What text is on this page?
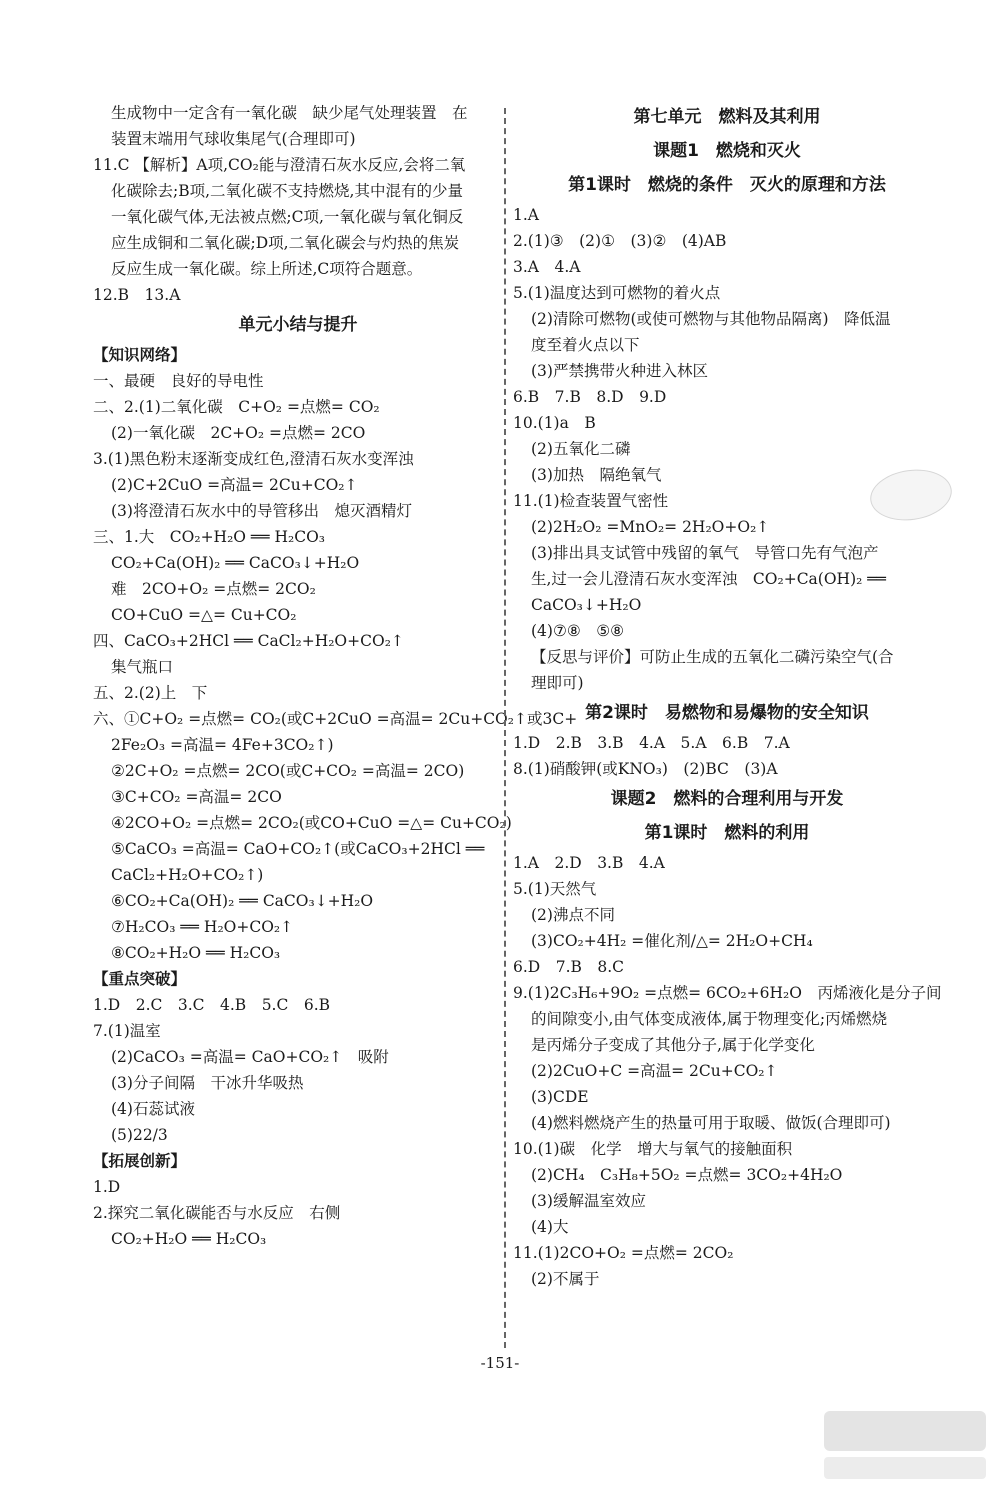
生成物中一定含有一氧化碳　缺少尾气处理装置　在
装置末端用气球收集尾气(合理即可)
11.C 【解析】A项,CO₂能与澄清石灰水反应,会将二氧
化碳除去;B项,二氧化碳不支持燃烧,其中混有的少量
一氧化碳气体,无法被点燃;C项,一氧化碳与氧化铜反
应生成铜和二氧化碳;D项,二氧化碳会与灼热的焦炭
反应生成一氧化碳。综上所述,C项符合题意。
12.B　13.A
单元小结与提升
【知识网络】
一、最硬　良好的导电性
二、2.(1)二氧化碳　C+O₂ =点燃= CO₂
(2)一氧化碳　2C+O₂ =点燃= 2CO
3.(1)黑色粉末逐渐变成红色,澄清石灰水变浑浊
(2)C+2CuO =高温= 2Cu+CO₂↑
(3)将澄清石灰水中的导管移出　熄灭酒精灯
三、1.大　CO₂+H₂O ══ H₂CO₃
CO₂+Ca(OH)₂ ══ CaCO₃↓+H₂O
难　2CO+O₂ =点燃= 2CO₂
CO+CuO =△= Cu+CO₂
四、CaCO₃+2HCl ══ CaCl₂+H₂O+CO₂↑
集气瓶口
五、2.(2)上　下
六、①C+O₂ =点燃= CO₂(或C+2CuO =高温= 2Cu+CO₂↑或3C+
2Fe₂O₃ =高温= 4Fe+3CO₂↑)
②2C+O₂ =点燃= 2CO(或C+CO₂ =高温= 2CO)
③C+CO₂ =高温= 2CO
④2CO+O₂ =点燃= 2CO₂(或CO+CuO =△= Cu+CO₂)
⑤CaCO₃ =高温= CaO+CO₂↑(或CaCO₃+2HCl ══
CaCl₂+H₂O+CO₂↑)
⑥CO₂+Ca(OH)₂ ══ CaCO₃↓+H₂O
⑦H₂CO₃ ══ H₂O+CO₂↑
⑧CO₂+H₂O ══ H₂CO₃
【重点突破】
1.D　2.C　3.C　4.B　5.C　6.B
7.(1)温室
(2)CaCO₃ =高温= CaO+CO₂↑　吸附
(3)分子间隔　干冰升华吸热
(4)石蕊试液
(5)22/3
【拓展创新】
1.D
2.探究二氧化碳能否与水反应　右侧
CO₂+H₂O ══ H₂CO₃
第七单元　燃料及其利用
课题1　燃烧和灭火
第1课时　燃烧的条件　灭火的原理和方法
1.A
2.(1)③　(2)①　(3)②　(4)AB
3.A　4.A
5.(1)温度达到可燃物的着火点
(2)清除可燃物(或使可燃物与其他物品隔离)　降低温
度至着火点以下
(3)严禁携带火种进入林区
6.B　7.B　8.D　9.D
10.(1)a　B
(2)五氧化二磷
(3)加热　隔绝氧气
11.(1)检查装置气密性
(2)2H₂O₂ =MnO₂= 2H₂O+O₂↑
(3)排出具支试管中残留的氧气　导管口先有气泡产
生,过一会儿澄清石灰水变浑浊　CO₂+Ca(OH)₂ ══
CaCO₃↓+H₂O
(4)⑦⑧　⑤⑧
【反思与评价】可防止生成的五氧化二磷污染空气(合
理即可)
第2课时　易燃物和易爆物的安全知识
1.D　2.B　3.B　4.A　5.A　6.B　7.A
8.(1)硝酸钾(或KNO₃)　(2)BC　(3)A
课题2　燃料的合理利用与开发
第1课时　燃料的利用
1.A　2.D　3.B　4.A
5.(1)天然气
(2)沸点不同
(3)CO₂+4H₂ =催化剂/△= 2H₂O+CH₄
6.D　7.B　8.C
9.(1)2C₃H₆+9O₂ =点燃= 6CO₂+6H₂O　丙烯液化是分子间
的间隙变小,由气体变成液体,属于物理变化;丙烯燃烧
是丙烯分子变成了其他分子,属于化学变化
(2)2CuO+C =高温= 2Cu+CO₂↑
(3)CDE
(4)燃料燃烧产生的热量可用于取暖、做饭(合理即可)
10.(1)碳　化学　增大与氧气的接触面积
(2)CH₄　C₃H₈+5O₂ =点燃= 3CO₂+4H₂O
(3)缓解温室效应
(4)大
11.(1)2CO+O₂ =点燃= 2CO₂
(2)不属于
-151-
